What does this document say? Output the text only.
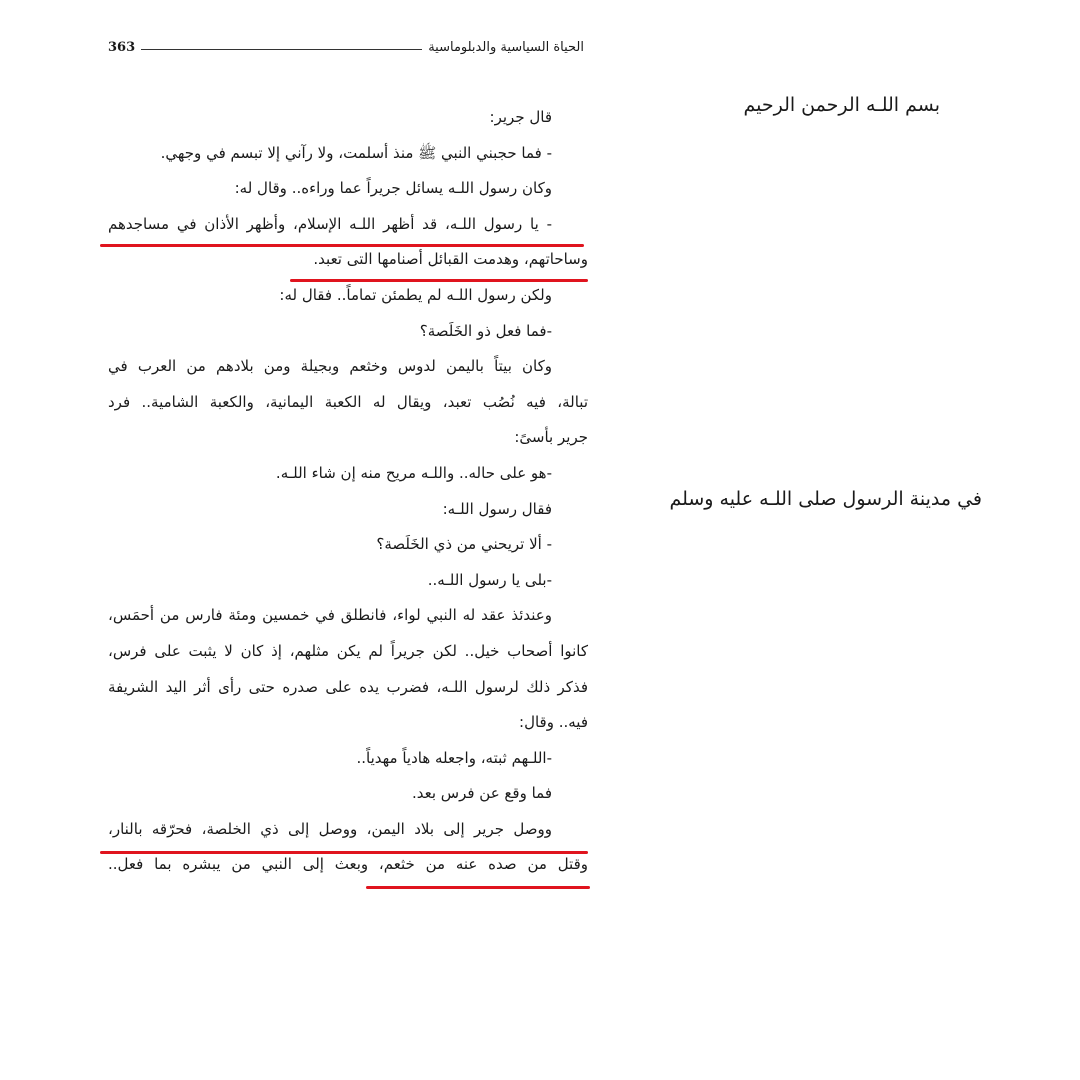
الحياة السياسية والدبلوماسية
363
قال جرير:
- فما حجبني النبي ﷺ منذ أسلمت، ولا رآني إلا تبسم في وجهي.
وكان رسول اللـه يسائل جريراً عما وراءه.. وقال له:
- يا رسول اللـه، قد أظهر اللـه الإسلام، وأظهر الأذان في مساجدهم
وساحاتهم، وهدمت القبائل أصنامها التى تعبد.
ولكن رسول اللـه لم يطمئن تماماً.. فقال له:
-فما فعل ذو الخَلَصة؟
وكان بيتاً باليمن لدوس وخثعم وبجيلة ومن بلادهم من العرب في
تبالة، فيه نُصُب تعبد، ويقال له الكعبة اليمانية، والكعبة الشامية.. فرد
جرير بأسىً:
-هو على حاله.. واللـه مريح منه إن شاء اللـه.
فقال رسول اللـه:
- ألا تريحني من ذي الخَلَصة؟
-بلى يا رسول اللـه..
وعندئذ عقد له النبي لواء، فانطلق في خمسين ومئة فارس من أحمَس،
كانوا أصحاب خيل.. لكن جريراً لم يكن مثلهم، إذ كان لا يثبت على فرس،
فذكر ذلك لرسول اللـه، فضرب يده على صدره حتى رأى أثر اليد الشريفة
فيه.. وقال:
-اللـهم ثبته، واجعله هادياً مهدياً..
فما وقع عن فرس بعد.
ووصل جرير إلى بلاد اليمن، ووصل إلى ذي الخلصة، فحرّقه بالنار،
وقتل من صده عنه من خثعم، وبعث إلى النبي من يبشره بما فعل..
بسم اللـه الرحمن الرحيم
في مدينة الرسول صلى اللـه عليه وسلم
